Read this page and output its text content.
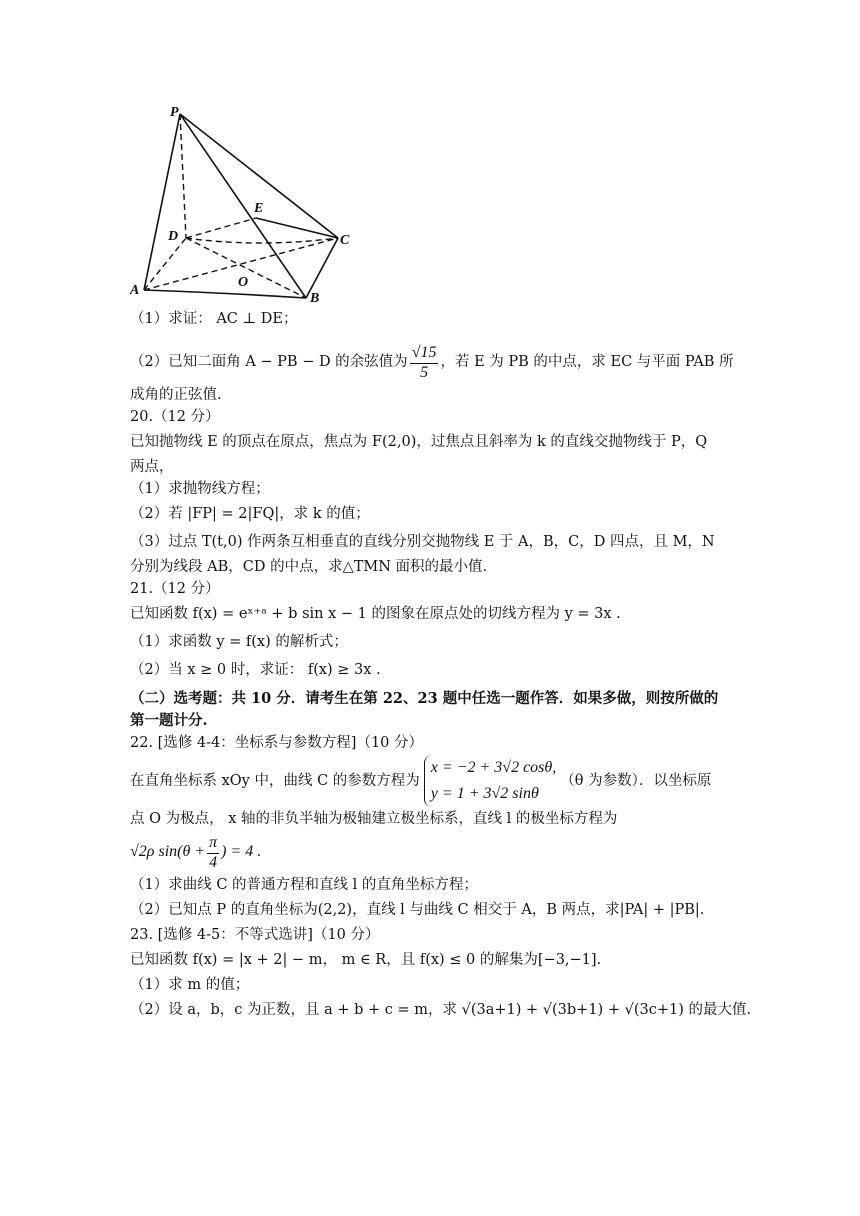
P
E
D	C
A
O
B
（1）求证： AC ⊥ DE；
（2）已知二面角 A − PB − D 的余弦值为 $\frac{√15}{5}$ ，若 E 为 PB 的中点，求 EC 与平面 PAB 所
成角的正弦值.
20.（12 分）
已知抛物线 E 的顶点在原点，焦点为 F(2,0)，过焦点且斜率为 k 的直线交抛物线于 P，Q
两点，
（1）求抛物线方程；
（2）若 |FP| = 2|FQ|，求 k 的值；
（3）过点 T(t,0) 作两条互相垂直的直线分别交抛物线 E 于 A，B，C，D 四点，且 M，N
分别为线段 AB，CD 的中点，求△TMN 面积的最小值.
21.（12 分）
已知函数 f(x) = eˣ⁺ᵃ + b sin x − 1 的图象在原点处的切线方程为 y = 3x .
（1）求函数 y = f(x) 的解析式；
（2）当 x ≥ 0 时，求证： f(x) ≥ 3x .
（二）选考题：共 10 分．请考生在第 22、23 题中任选一题作答．如果多做，则按所做的
第一题计分.
22. [选修 4-4：坐标系与参数方程]（10 分）
在直角坐标系 xOy 中，曲线 C 的参数方程为
x = −2 + 3√2 cosθ,
y = 1 + 3√2 sinθ
（θ 为参数）．以坐标原
点 O 为极点， x 轴的非负半轴为极轴建立极坐标系，直线 l 的极坐标方程为
√2ρ $\sin(\theta + \frac{\pi}{4}$ ) = 4 .
（1）求曲线 C 的普通方程和直线 l 的直角坐标方程；
（2）已知点 P 的直角坐标为(2,2)，直线 l 与曲线 C 相交于 A，B 两点，求|PA| + |PB|.
23. [选修 4-5：不等式选讲]（10 分）
已知函数 f(x) = |x + 2| − m， m ∈ R，且 f(x) ≤ 0 的解集为[−3,−1].
（1）求 m 的值；
（2）设 a，b，c 为正数，且 a + b + c = m，求 √(3a+1) + √(3b+1) + √(3c+1) 的最大值.
